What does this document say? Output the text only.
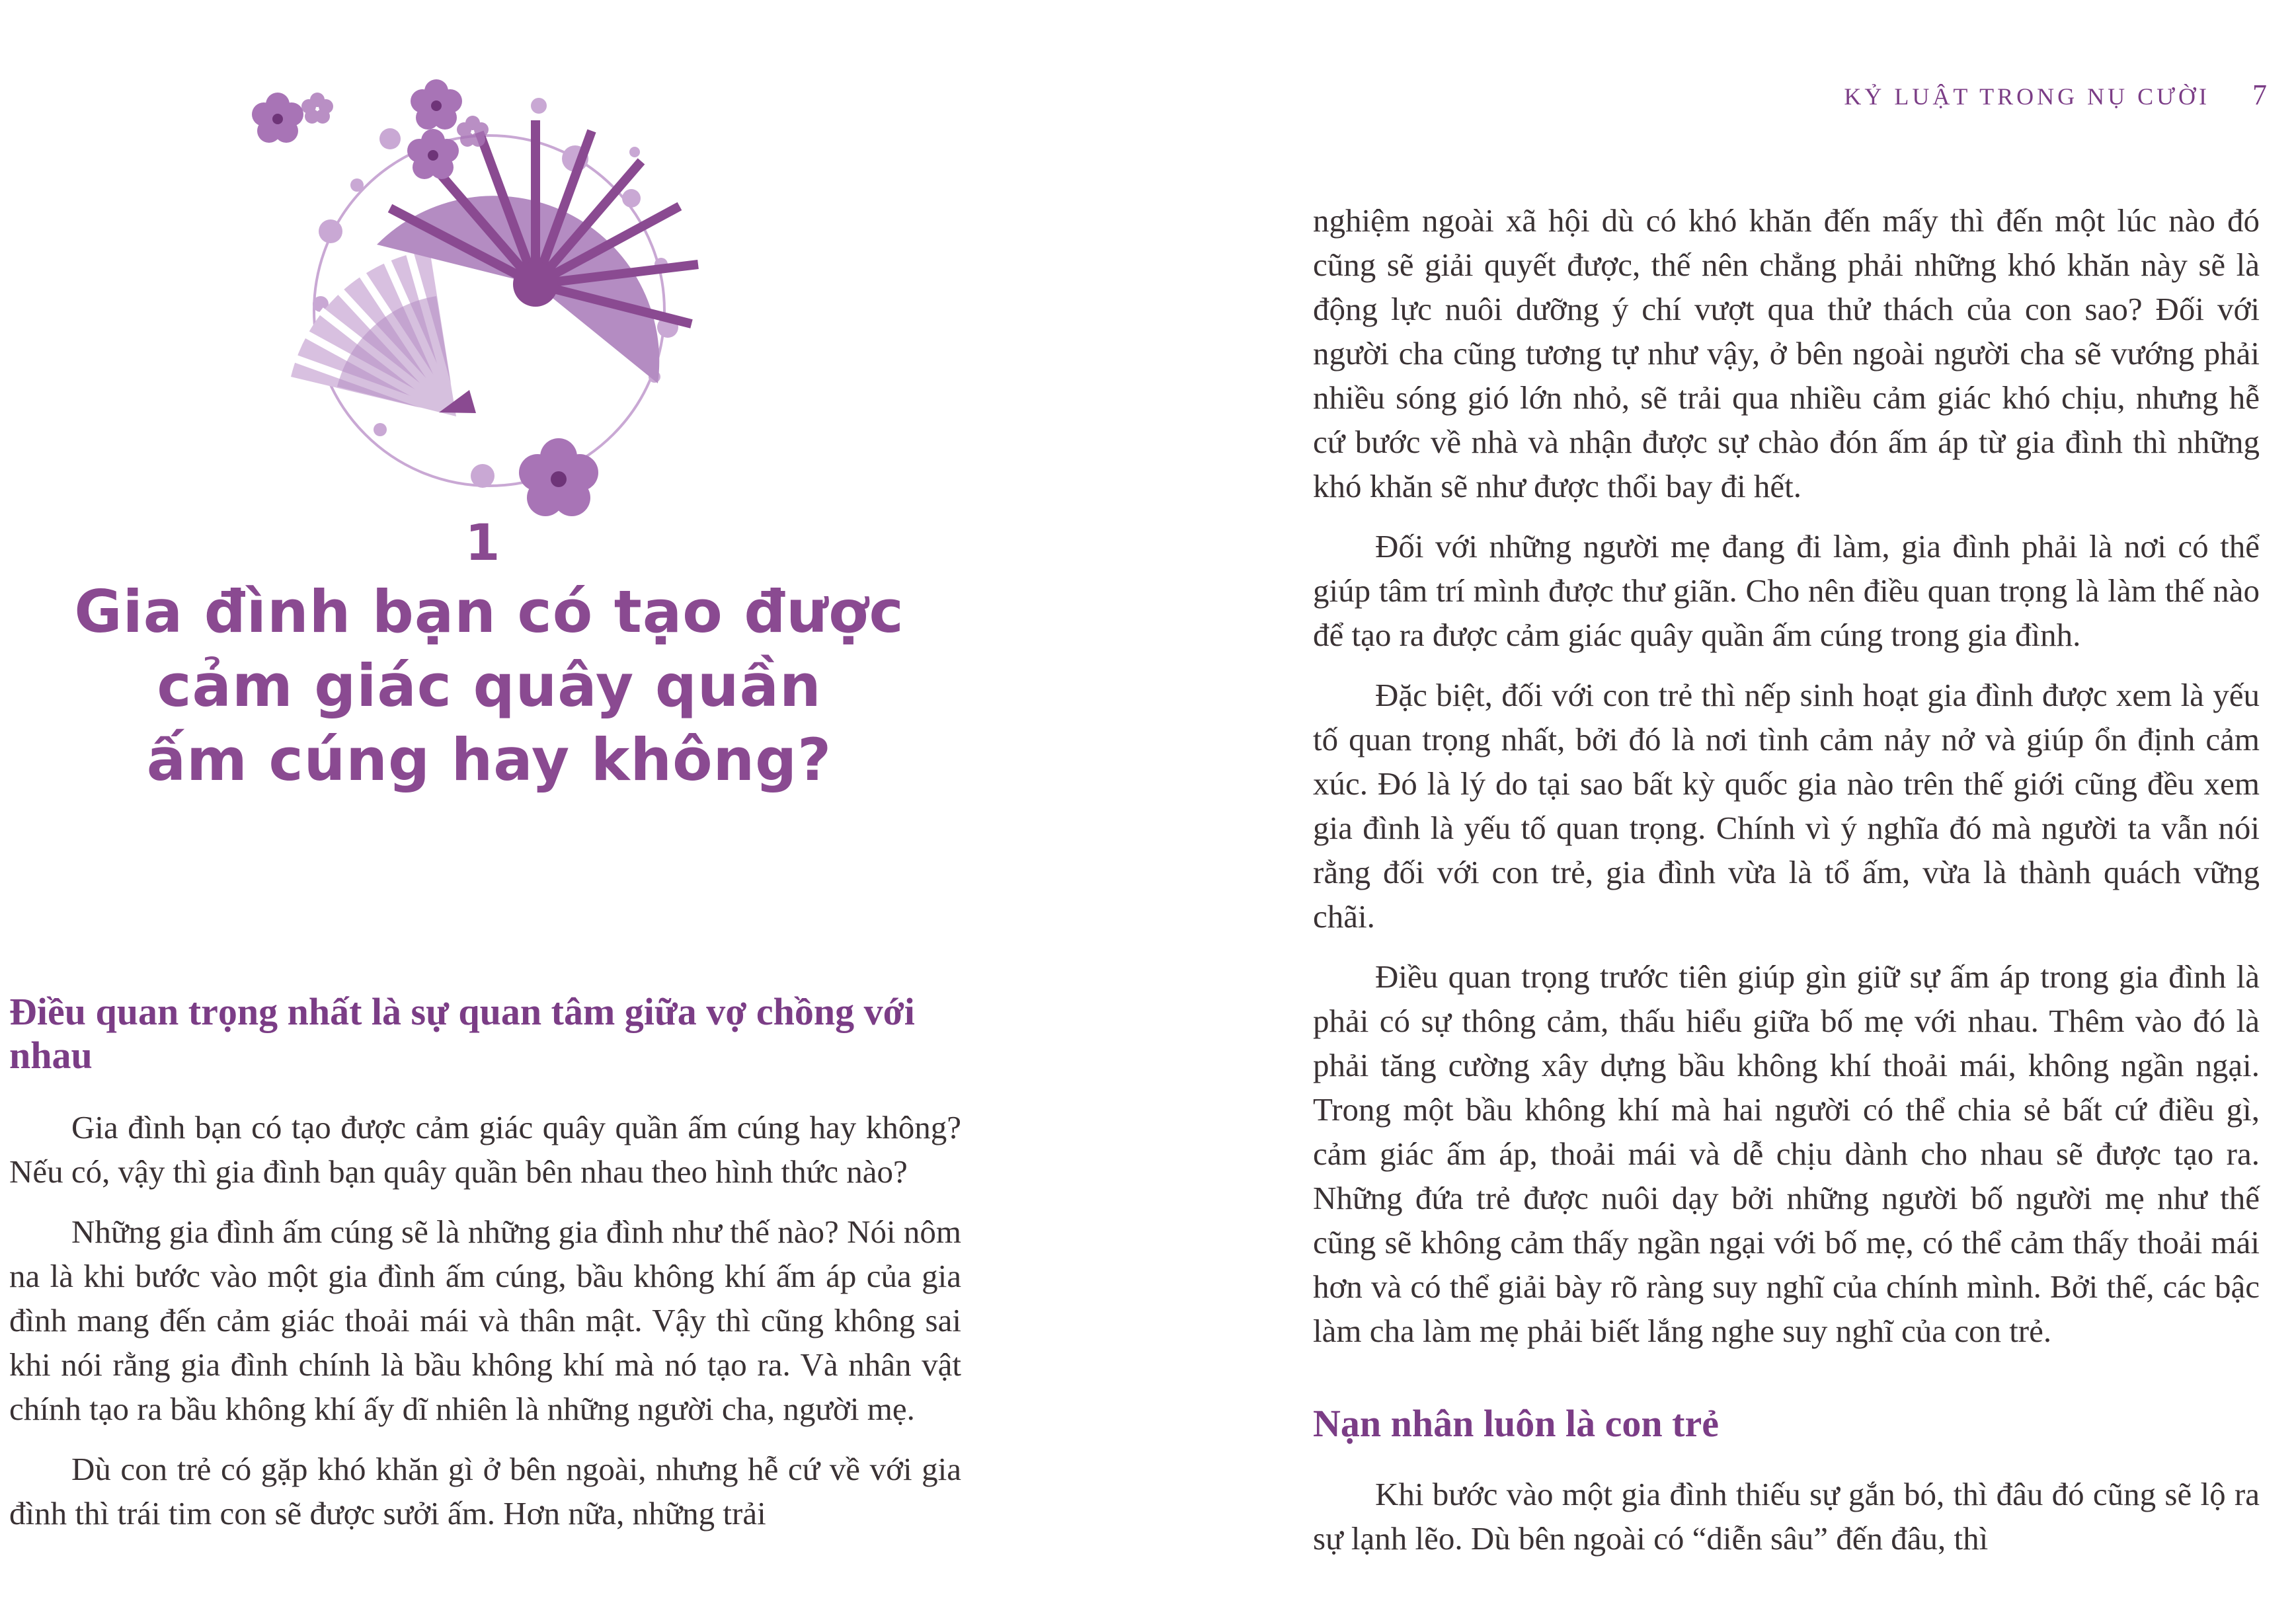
1
Gia đình bạn có tạo được
cảm giác quây quần
ấm cúng hay không?
Điều quan trọng nhất là sự quan tâm giữa vợ chồng với nhau

Gia đình bạn có tạo được cảm giác quây quần ấm cúng hay không? Nếu có, vậy thì gia đình bạn quây quần bên nhau theo hình thức nào?

Những gia đình ấm cúng sẽ là những gia đình như thế nào? Nói nôm na là khi bước vào một gia đình ấm cúng, bầu không khí ấm áp của gia đình mang đến cảm giác thoải mái và thân mật. Vậy thì cũng không sai khi nói rằng gia đình chính là bầu không khí mà nó tạo ra. Và nhân vật chính tạo ra bầu không khí ấy dĩ nhiên là những người cha, người mẹ.

Dù con trẻ có gặp khó khăn gì ở bên ngoài, nhưng hễ cứ về với gia đình thì trái tim con sẽ được sưởi ấm. Hơn nữa, những trải

KỶ LUẬT TRONG NỤ CƯỜI 7

nghiệm ngoài xã hội dù có khó khăn đến mấy thì đến một lúc nào đó cũng sẽ giải quyết được, thế nên chẳng phải những khó khăn này sẽ là động lực nuôi dưỡng ý chí vượt qua thử thách của con sao? Đối với người cha cũng tương tự như vậy, ở bên ngoài người cha sẽ vướng phải nhiều sóng gió lớn nhỏ, sẽ trải qua nhiều cảm giác khó chịu, nhưng hễ cứ bước về nhà và nhận được sự chào đón ấm áp từ gia đình thì những khó khăn sẽ như được thổi bay đi hết.

Đối với những người mẹ đang đi làm, gia đình phải là nơi có thể giúp tâm trí mình được thư giãn. Cho nên điều quan trọng là làm thế nào để tạo ra được cảm giác quây quần ấm cúng trong gia đình.

Đặc biệt, đối với con trẻ thì nếp sinh hoạt gia đình được xem là yếu tố quan trọng nhất, bởi đó là nơi tình cảm nảy nở và giúp ổn định cảm xúc. Đó là lý do tại sao bất kỳ quốc gia nào trên thế giới cũng đều xem gia đình là yếu tố quan trọng. Chính vì ý nghĩa đó mà người ta vẫn nói rằng đối với con trẻ, gia đình vừa là tổ ấm, vừa là thành quách vững chãi.

Điều quan trọng trước tiên giúp gìn giữ sự ấm áp trong gia đình là phải có sự thông cảm, thấu hiểu giữa bố mẹ với nhau. Thêm vào đó là phải tăng cường xây dựng bầu không khí thoải mái, không ngần ngại. Trong một bầu không khí mà hai người có thể chia sẻ bất cứ điều gì, cảm giác ấm áp, thoải mái và dễ chịu dành cho nhau sẽ được tạo ra. Những đứa trẻ được nuôi dạy bởi những người bố người mẹ như thế cũng sẽ không cảm thấy ngần ngại với bố mẹ, có thể cảm thấy thoải mái hơn và có thể giải bày rõ ràng suy nghĩ của chính mình. Bởi thế, các bậc làm cha làm mẹ phải biết lắng nghe suy nghĩ của con trẻ.

Nạn nhân luôn là con trẻ

Khi bước vào một gia đình thiếu sự gắn bó, thì đâu đó cũng sẽ lộ ra sự lạnh lẽo. Dù bên ngoài có “diễn sâu” đến đâu, thì
